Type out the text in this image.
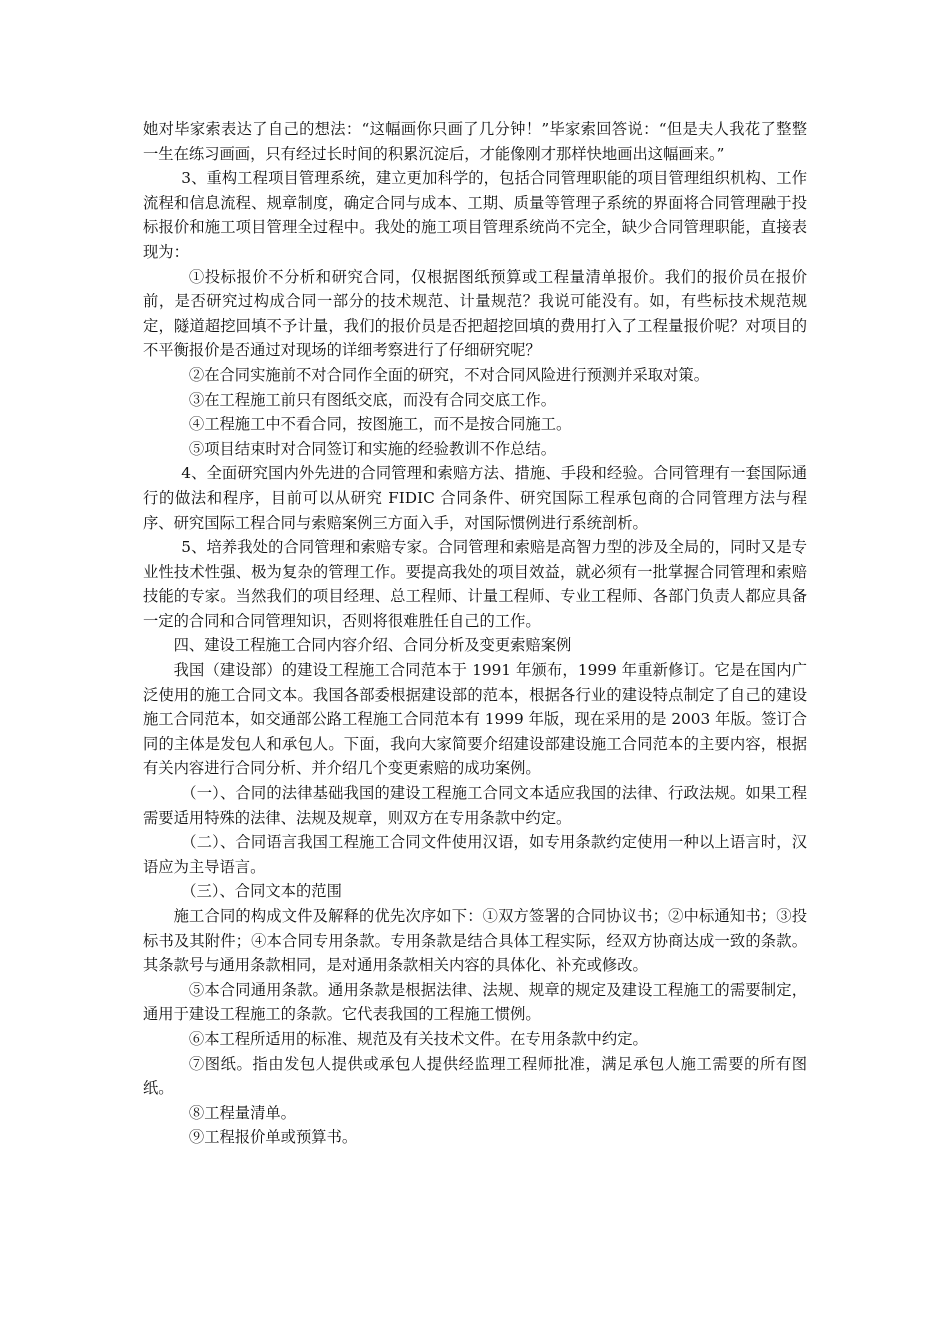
她对毕家索表达了自己的想法：“这幅画你只画了几分钟！”毕家索回答说：“但是夫人我花了整整一生在练习画画，只有经过长时间的积累沉淀后，才能像刚才那样快地画出这幅画来。”

3、重构工程项目管理系统，建立更加科学的，包括合同管理职能的项目管理组织机构、工作流程和信息流程、规章制度，确定合同与成本、工期、质量等管理子系统的界面将合同管理融于投标报价和施工项目管理全过程中。我处的施工项目管理系统尚不完全，缺少合同管理职能，直接表现为：

①投标报价不分析和研究合同，仅根据图纸预算或工程量清单报价。我们的报价员在报价前，是否研究过构成合同一部分的技术规范、计量规范？我说可能没有。如，有些标技术规范规定，隧道超挖回填不予计量，我们的报价员是否把超挖回填的费用打入了工程量报价呢？对项目的不平衡报价是否通过对现场的详细考察进行了仔细研究呢？

②在合同实施前不对合同作全面的研究，不对合同风险进行预测并采取对策。

③在工程施工前只有图纸交底，而没有合同交底工作。

④工程施工中不看合同，按图施工，而不是按合同施工。

⑤项目结束时对合同签订和实施的经验教训不作总结。

4、全面研究国内外先进的合同管理和索赔方法、措施、手段和经验。合同管理有一套国际通行的做法和程序，目前可以从研究 FIDIC 合同条件、研究国际工程承包商的合同管理方法与程序、研究国际工程合同与索赔案例三方面入手，对国际惯例进行系统剖析。

5、培养我处的合同管理和索赔专家。合同管理和索赔是高智力型的涉及全局的，同时又是专业性技术性强、极为复杂的管理工作。要提高我处的项目效益，就必须有一批掌握合同管理和索赔技能的专家。当然我们的项目经理、总工程师、计量工程师、专业工程师、各部门负责人都应具备一定的合同和合同管理知识，否则将很难胜任自己的工作。

四、建设工程施工合同内容介绍、合同分析及变更索赔案例

我国（建设部）的建设工程施工合同范本于 1991 年颁布，1999 年重新修订。它是在国内广泛使用的施工合同文本。我国各部委根据建设部的范本，根据各行业的建设特点制定了自己的建设施工合同范本，如交通部公路工程施工合同范本有 1999 年版，现在采用的是 2003 年版。签订合同的主体是发包人和承包人。下面，我向大家简要介绍建设部建设施工合同范本的主要内容，根据有关内容进行合同分析、并介绍几个变更索赔的成功案例。

（一）、合同的法律基础我国的建设工程施工合同文本适应我国的法律、行政法规。如果工程需要适用特殊的法律、法规及规章，则双方在专用条款中约定。

（二）、合同语言我国工程施工合同文件使用汉语，如专用条款约定使用一种以上语言时，汉语应为主导语言。

（三）、合同文本的范围

施工合同的构成文件及解释的优先次序如下：①双方签署的合同协议书；②中标通知书；③投标书及其附件；④本合同专用条款。专用条款是结合具体工程实际，经双方协商达成一致的条款。其条款号与通用条款相同，是对通用条款相关内容的具体化、补充或修改。

⑤本合同通用条款。通用条款是根据法律、法规、规章的规定及建设工程施工的需要制定，通用于建设工程施工的条款。它代表我国的工程施工惯例。

⑥本工程所适用的标准、规范及有关技术文件。在专用条款中约定。

⑦图纸。指由发包人提供或承包人提供经监理工程师批准，满足承包人施工需要的所有图纸。

⑧工程量清单。

⑨工程报价单或预算书。
